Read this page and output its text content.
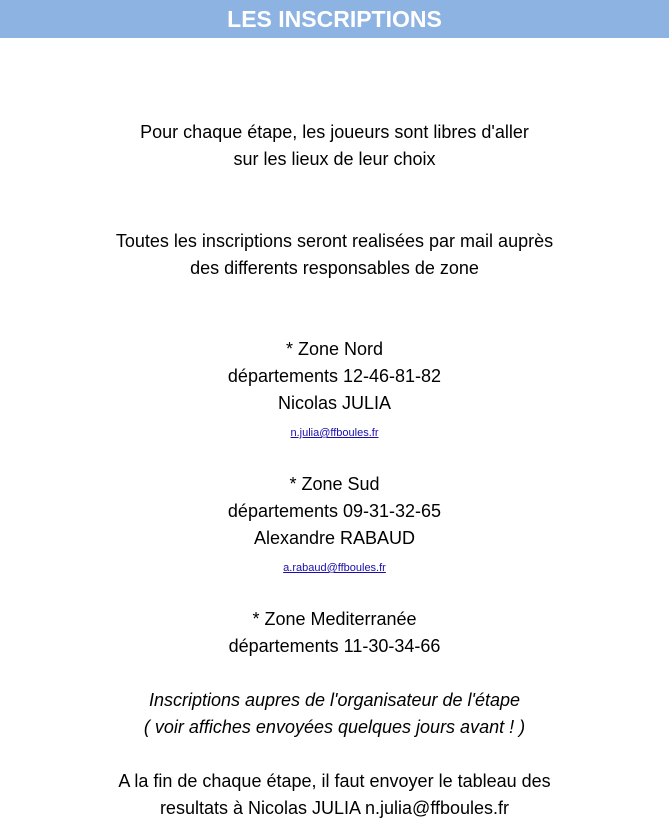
LES INSCRIPTIONS
Pour chaque étape, les joueurs sont libres d'aller
sur les lieux de leur choix
Toutes les inscriptions seront realisées par mail auprès
des differents responsables de zone
* Zone Nord
départements 12-46-81-82
Nicolas JULIA
n.julia@ffboules.fr
* Zone Sud
départements 09-31-32-65
Alexandre RABAUD
a.rabaud@ffboules.fr
* Zone Mediterranée
départements 11-30-34-66
Inscriptions aupres de l'organisateur de l'étape
( voir affiches envoyées quelques jours avant ! )
A la fin de chaque étape, il faut envoyer le tableau des
resultats à Nicolas JULIA n.julia@ffboules.fr
